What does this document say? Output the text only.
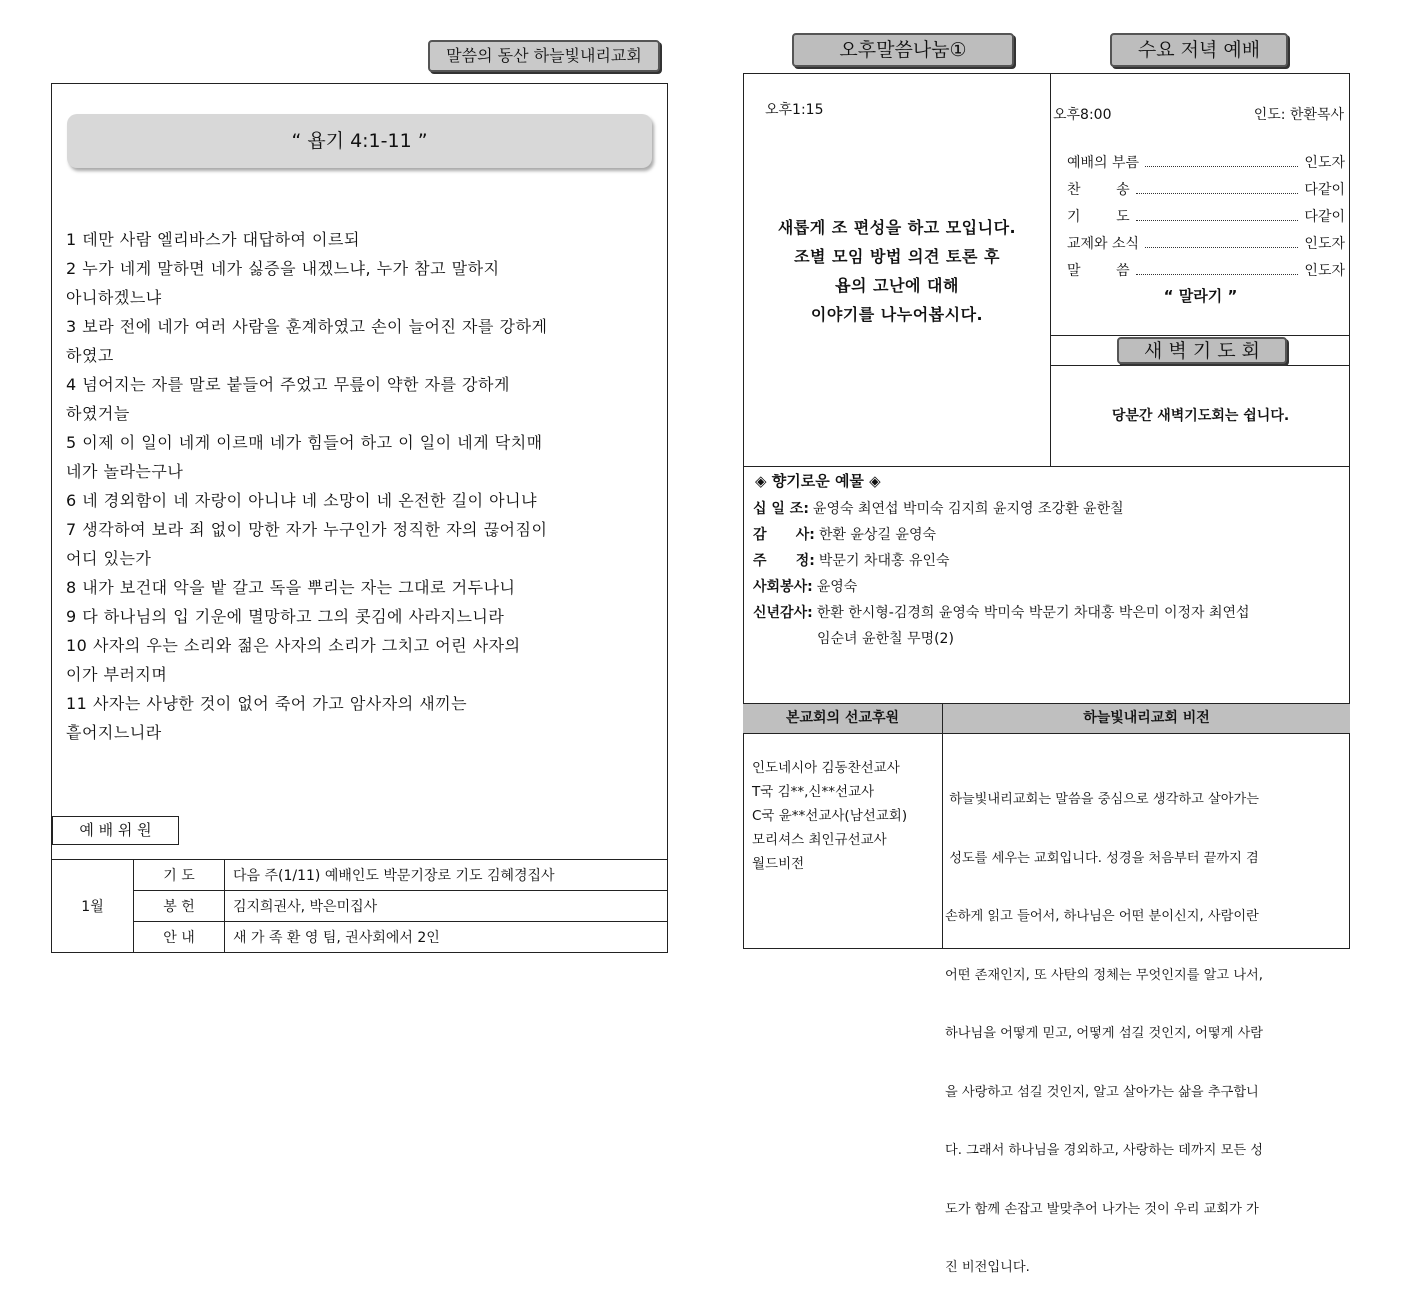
말씀의 동산 하늘빛내리교회
“ 욥기 4:1-11 ”
1 데만 사람 엘리바스가 대답하여 이르되
2 누가 네게 말하면 네가 싫증을 내겠느냐, 누가 참고 말하지
아니하겠느냐
3 보라 전에 네가 여러 사람을 훈계하였고 손이 늘어진 자를 강하게
하였고
4 넘어지는 자를 말로 붙들어 주었고 무릎이 약한 자를 강하게
하였거늘
5 이제 이 일이 네게 이르매 네가 힘들어 하고 이 일이 네게 닥치매
네가 놀라는구나
6 네 경외함이 네 자랑이 아니냐 네 소망이 네 온전한 길이 아니냐
7 생각하여 보라 죄 없이 망한 자가 누구인가 정직한 자의 끊어짐이
어디 있는가
8 내가 보건대 악을 밭 갈고 독을 뿌리는 자는 그대로 거두나니
9 다 하나님의 입 기운에 멸망하고 그의 콧김에 사라지느니라
10 사자의 우는 소리와 젊은 사자의 소리가 그치고 어린 사자의
이가 부러지며
11 사자는 사냥한 것이 없어 죽어 가고 암사자의 새끼는
흩어지느니라
예 배 위 원
1월	기 도	다음 주(1/11) 예배인도 박문기장로 기도 김혜경집사
	봉 헌	김지희권사, 박은미집사
	안 내	새 가 족 환 영 팀, 권사회에서 2인
오후말씀나눔①	수요 저녁 예배
오후1:15
새롭게 조 편성을 하고 모입니다.
조별 모임 방법 의견 토론 후
욥의 고난에 대해
이야기를 나누어봅시다.
오후8:00	인도: 한환목사
예배의 부름	인도자
찬        송	다같이
기        도	다같이
교제와 소식	인도자
말        씀	인도자
“ 말라기 ”
새 벽 기 도 회
당분간 새벽기도회는 쉽니다.
◈ 향기로운 예물 ◈
십 일 조: 윤영숙 최연섭 박미숙 김지희 윤지영 조강환 윤한칠
감      사: 한환 윤상길 윤영숙
주      정: 박문기 차대홍 유인숙
사회봉사: 윤영숙
신년감사: 한환 한시형-김경희 윤영숙 박미숙 박문기 차대홍 박은미 이정자 최연섭
임순녀 윤한칠 무명(2)
본교회의 선교후원	하늘빛내리교회 비전
인도네시아 김동찬선교사
T국 김**,신**선교사
C국 윤**선교사(남선교회)
모리셔스 최인규선교사
월드비전

하늘빛내리교회는 말씀을 중심으로 생각하고 살아가는

성도를 세우는 교회입니다. 성경을 처음부터 끝까지 겸

손하게 읽고 들어서, 하나님은 어떤 분이신지, 사람이란

어떤 존재인지, 또 사탄의 정체는 무엇인지를 알고 나서,

하나님을 어떻게 믿고, 어떻게 섬길 것인지, 어떻게 사람

을 사랑하고 섬길 것인지, 알고 살아가는 삶을 추구합니

다. 그래서 하나님을 경외하고, 사랑하는 데까지 모든 성

도가 함께 손잡고 발맞추어 나가는 것이 우리 교회가 가

진 비전입니다.
